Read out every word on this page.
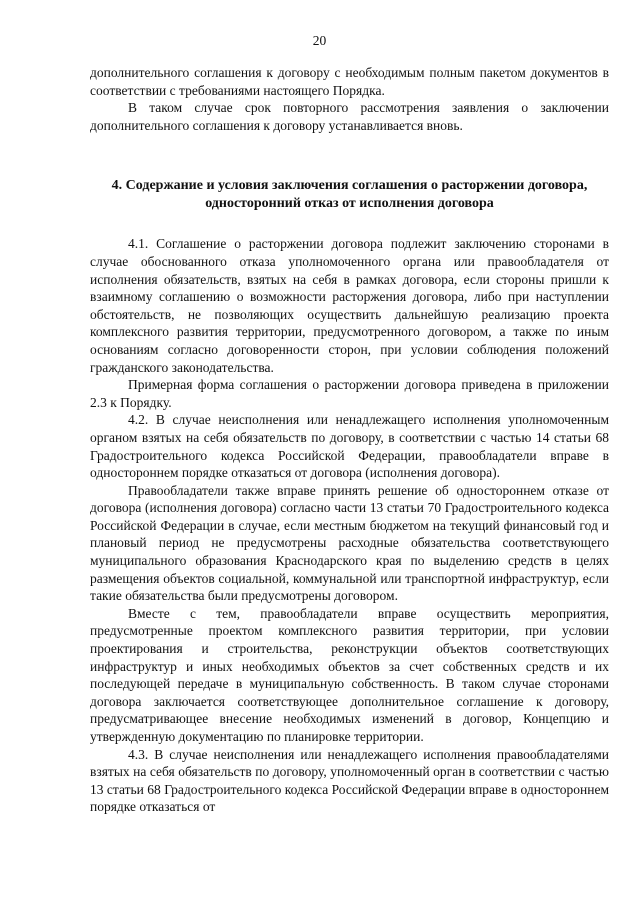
20

дополнительного соглашения к договору с необходимым полным пакетом документов в соответствии с требованиями настоящего Порядка.

В таком случае срок повторного рассмотрения заявления о заключении дополнительного соглашения к договору устанавливается вновь.

4. Содержание и условия заключения соглашения о расторжении договора, односторонний отказ от исполнения договора

4.1. Соглашение о расторжении договора подлежит заключению сторонами в случае обоснованного отказа уполномоченного органа или правообладателя от исполнения обязательств, взятых на себя в рамках договора, если стороны пришли к взаимному соглашению о возможности расторжения договора, либо при наступлении обстоятельств, не позволяющих осуществить дальнейшую реализацию проекта комплексного развития территории, предусмотренного договором, а также по иным основаниям согласно договоренности сторон, при условии соблюдения положений гражданского законодательства.

Примерная форма соглашения о расторжении договора приведена в приложении 2.3 к Порядку.

4.2. В случае неисполнения или ненадлежащего исполнения уполномоченным органом взятых на себя обязательств по договору, в соответствии с частью 14 статьи 68 Градостроительного кодекса Российской Федерации, правообладатели вправе в одностороннем порядке отказаться от договора (исполнения договора).

Правообладатели также вправе принять решение об одностороннем отказе от договора (исполнения договора) согласно части 13 статьи 70 Градостроительного кодекса Российской Федерации в случае, если местным бюджетом на текущий финансовый год и плановый период не предусмотрены расходные обязательства соответствующего муниципального образования Краснодарского края по выделению средств в целях размещения объектов социальной, коммунальной или транспортной инфраструктур, если такие обязательства были предусмотрены договором.

Вместе с тем, правообладатели вправе осуществить мероприятия, предусмотренные проектом комплексного развития территории, при условии проектирования и строительства, реконструкции объектов соответствующих инфраструктур и иных необходимых объектов за счет собственных средств и их последующей передаче в муниципальную собственность. В таком случае сторонами договора заключается соответствующее дополнительное соглашение к договору, предусматривающее внесение необходимых изменений в договор, Концепцию и утвержденную документацию по планировке территории.

4.3. В случае неисполнения или ненадлежащего исполнения правообладателями взятых на себя обязательств по договору, уполномоченный орган в соответствии с частью 13 статьи 68 Градостроительного кодекса Российской Федерации вправе в одностороннем порядке отказаться от
